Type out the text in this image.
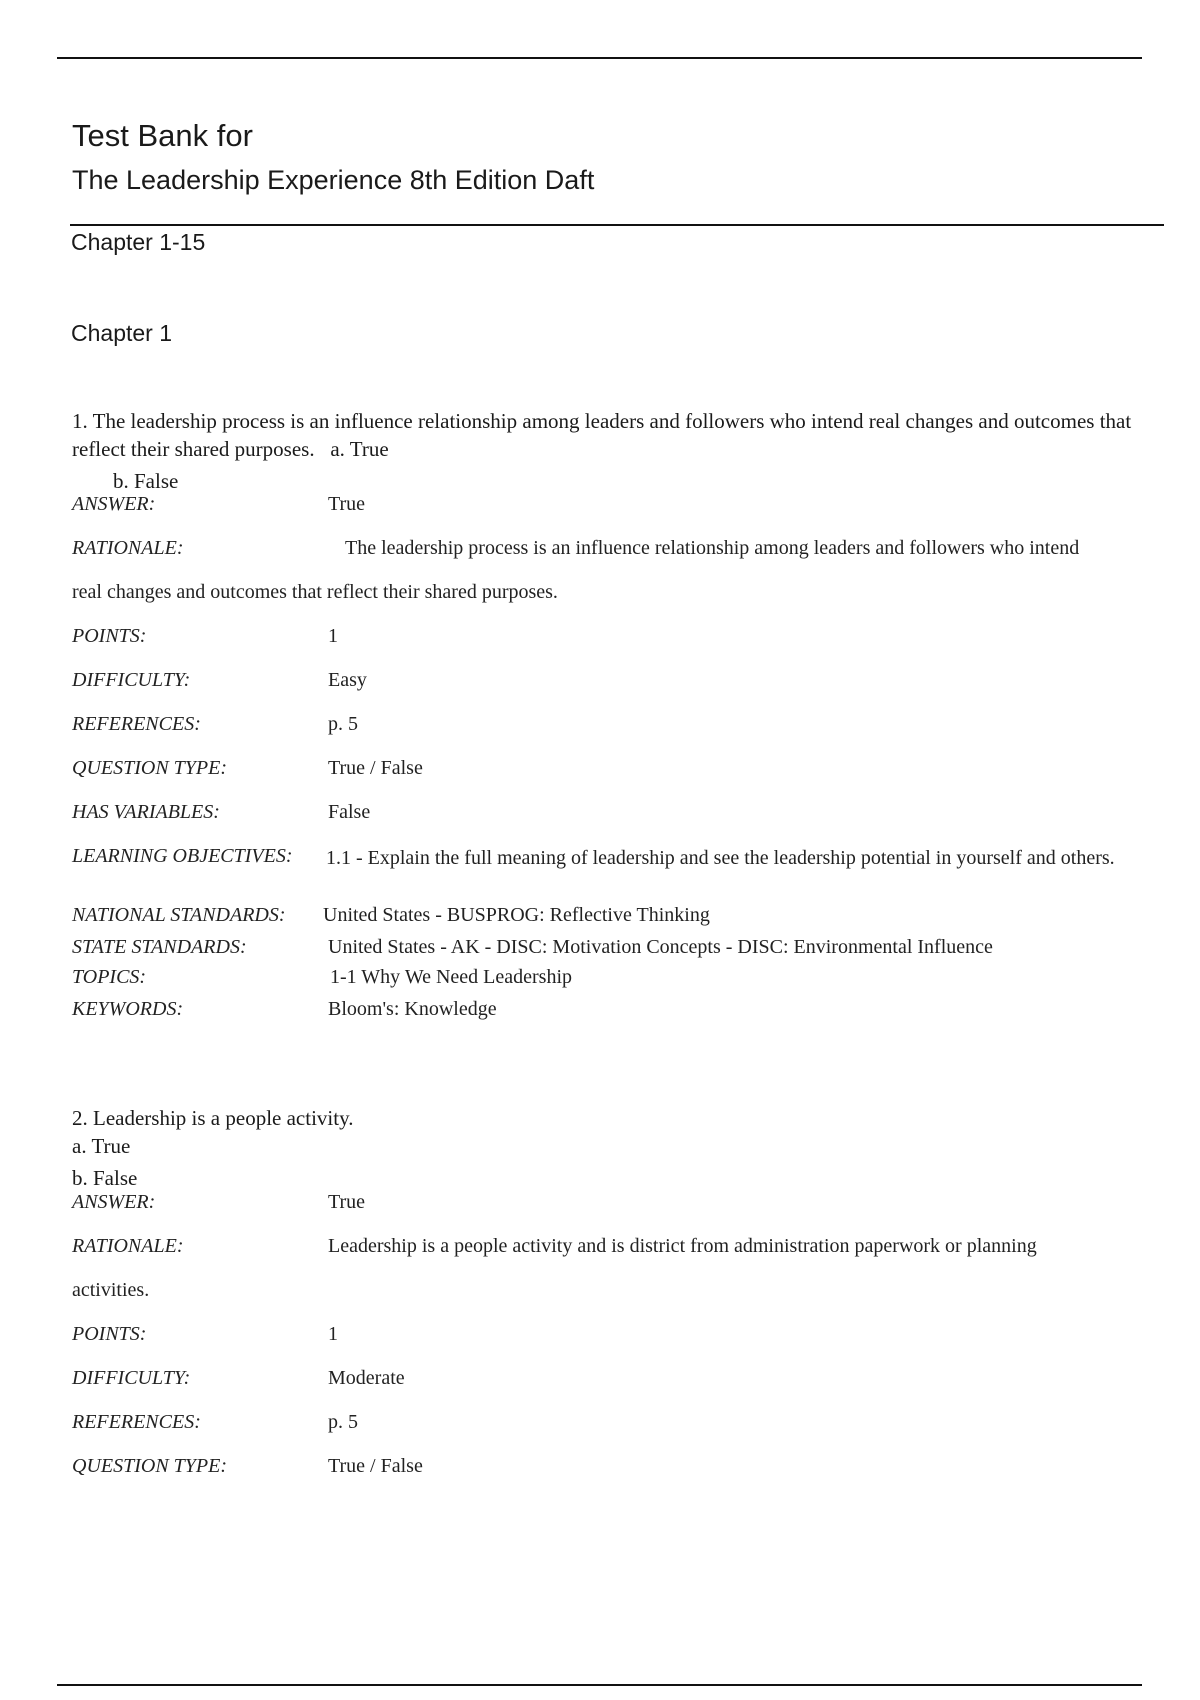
Test Bank for
The Leadership Experience 8th Edition Daft
Chapter 1-15
Chapter 1
1. The leadership process is an influence relationship among leaders and followers who intend real changes and outcomes that reflect their shared purposes. a. True
b. False
ANSWER:	True
RATIONALE:	The leadership process is an influence relationship among leaders and followers who intend
real changes and outcomes that reflect their shared purposes.
POINTS:	1
DIFFICULTY:	Easy
REFERENCES:	p. 5
QUESTION TYPE:	True / False
HAS VARIABLES:	False
LEARNING OBJECTIVES: 1.1 - Explain the full meaning of leadership and see the leadership potential in yourself and others.
NATIONAL STANDARDS: United States - BUSPROG: Reflective Thinking
STATE STANDARDS:	United States - AK - DISC: Motivation Concepts - DISC: Environmental Influence
TOPICS:	1-1 Why We Need Leadership
KEYWORDS:	Bloom's: Knowledge
2. Leadership is a people activity.
a. True
b. False
ANSWER:	True
RATIONALE:	Leadership is a people activity and is district from administration paperwork or planning
activities.
POINTS:	1
DIFFICULTY:	Moderate
REFERENCES:	p. 5
QUESTION TYPE:	True / False
